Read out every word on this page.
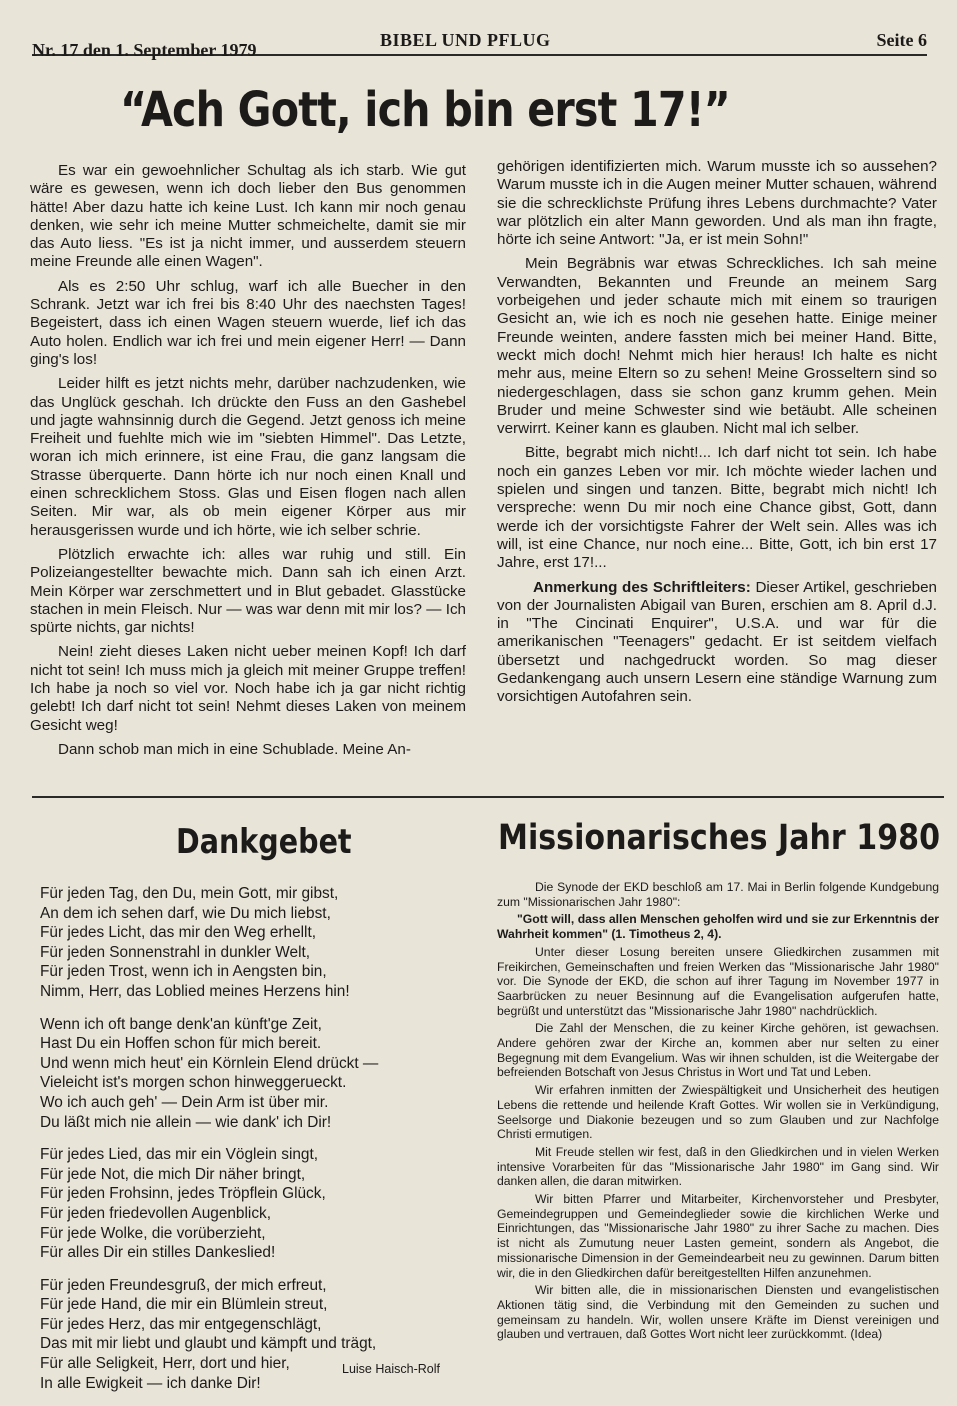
Nr. 17 den 1. September 1979	BIBEL UND PFLUG	Seite 6
“Ach Gott, ich bin erst 17!”

Es war ein gewoehnlicher Schultag als ich starb. Wie gut wäre es gewesen, wenn ich doch lieber den Bus genommen hätte! Aber dazu hatte ich keine Lust. Ich kann mir noch genau denken, wie sehr ich meine Mutter schmeichelte, damit sie mir das Auto liess. "Es ist ja nicht immer, und ausserdem steuern meine Freunde alle einen Wagen".

Als es 2:50 Uhr schlug, warf ich alle Buecher in den Schrank. Jetzt war ich frei bis 8:40 Uhr des naechsten Tages! Begeistert, dass ich einen Wagen steuern wuerde, lief ich das Auto holen. Endlich war ich frei und mein eigener Herr! — Dann ging's los!

Leider hilft es jetzt nichts mehr, darüber nachzudenken, wie das Unglück geschah. Ich drückte den Fuss an den Gashebel und jagte wahnsinnig durch die Gegend. Jetzt genoss ich meine Freiheit und fuehlte mich wie im "siebten Himmel". Das Letzte, woran ich mich erinnere, ist eine Frau, die ganz langsam die Strasse überquerte. Dann hörte ich nur noch einen Knall und einen schrecklichem Stoss. Glas und Eisen flogen nach allen Seiten. Mir war, als ob mein eigener Körper aus mir herausgerissen wurde und ich hörte, wie ich selber schrie.

Plötzlich erwachte ich: alles war ruhig und still. Ein Polizeiangestellter bewachte mich. Dann sah ich einen Arzt. Mein Körper war zerschmettert und in Blut gebadet. Glasstücke stachen in mein Fleisch. Nur — was war denn mit mir los? — Ich spürte nichts, gar nichts!

Nein! zieht dieses Laken nicht ueber meinen Kopf! Ich darf nicht tot sein! Ich muss mich ja gleich mit meiner Gruppe treffen! Ich habe ja noch so viel vor. Noch habe ich ja gar nicht richtig gelebt! Ich darf nicht tot sein! Nehmt dieses Laken von meinem Gesicht weg!

Dann schob man mich in eine Schublade. Meine An-

gehörigen identifizierten mich. Warum musste ich so aussehen? Warum musste ich in die Augen meiner Mutter schauen, während sie die schrecklichste Prüfung ihres Lebens durchmachte? Vater war plötzlich ein alter Mann geworden. Und als man ihn fragte, hörte ich seine Antwort: "Ja, er ist mein Sohn!"

Mein Begräbnis war etwas Schreckliches. Ich sah meine Verwandten, Bekannten und Freunde an meinem Sarg vorbeigehen und jeder schaute mich mit einem so traurigen Gesicht an, wie ich es noch nie gesehen hatte. Einige meiner Freunde weinten, andere fassten mich bei meiner Hand. Bitte, weckt mich doch! Nehmt mich hier heraus! Ich halte es nicht mehr aus, meine Eltern so zu sehen! Meine Grosseltern sind so niedergeschlagen, dass sie schon ganz krumm gehen. Mein Bruder und meine Schwester sind wie betäubt. Alle scheinen verwirrt. Keiner kann es glauben. Nicht mal ich selber.

Bitte, begrabt mich nicht!... Ich darf nicht tot sein. Ich habe noch ein ganzes Leben vor mir. Ich möchte wieder lachen und spielen und singen und tanzen. Bitte, begrabt mich nicht! Ich verspreche: wenn Du mir noch eine Chance gibst, Gott, dann werde ich der vorsichtigste Fahrer der Welt sein. Alles was ich will, ist eine Chance, nur noch eine... Bitte, Gott, ich bin erst 17 Jahre, erst 17!...

Anmerkung des Schriftleiters: Dieser Artikel, geschrieben von der Journalisten Abigail van Buren, erschien am 8. April d.J. in "The Cincinati Enquirer", U.S.A. und war für die amerikanischen "Teenagers" gedacht. Er ist seitdem vielfach übersetzt und nachgedruckt worden. So mag dieser Gedankengang auch unsern Lesern eine ständige Warnung zum vorsichtigen Autofahren sein.

Dankgebet	Missionarisches Jahr 1980
Für jeden Tag, den Du, mein Gott, mir gibst,
An dem ich sehen darf, wie Du mich liebst,
Für jedes Licht, das mir den Weg erhellt,
Für jeden Sonnenstrahl in dunkler Welt,
Für jeden Trost, wenn ich in Aengsten bin,
Nimm, Herr, das Loblied meines Herzens hin!
Wenn ich oft bange denk'an künft'ge Zeit,
Hast Du ein Hoffen schon für mich bereit.
Und wenn mich heut' ein Körnlein Elend drückt —
Vieleicht ist's morgen schon hinweggerueckt.
Wo ich auch geh' — Dein Arm ist über mir.
Du läßt mich nie allein — wie dank' ich Dir!
Für jedes Lied, das mir ein Vöglein singt,
Für jede Not, die mich Dir näher bringt,
Für jeden Frohsinn, jedes Tröpflein Glück,
Für jeden friedevollen Augenblick,
Für jede Wolke, die vorüberzieht,
Für alles Dir ein stilles Dankeslied!
Für jeden Freundesgruß, der mich erfreut,
Für jede Hand, die mir ein Blümlein streut,
Für jedes Herz, das mir entgegenschlägt,
Das mit mir liebt und glaubt und kämpft und trägt,
Für alle Seligkeit, Herr, dort und hier,
In alle Ewigkeit — ich danke Dir!
Luise Haisch-Rolf

Die Synode der EKD beschloß am 17. Mai in Berlin folgende Kundgebung zum "Missionarischen Jahr 1980":

"Gott will, dass allen Menschen geholfen wird und sie zur Erkenntnis der Wahrheit kommen" (1. Timotheus 2, 4).

Unter dieser Losung bereiten unsere Gliedkirchen zusammen mit Freikirchen, Gemeinschaften und freien Werken das "Missionarische Jahr 1980" vor. Die Synode der EKD, die schon auf ihrer Tagung im November 1977 in Saarbrücken zu neuer Besinnung auf die Evangelisation aufgerufen hatte, begrüßt und unterstützt das "Missionarische Jahr 1980" nachdrücklich.

Die Zahl der Menschen, die zu keiner Kirche gehören, ist gewachsen. Andere gehören zwar der Kirche an, kommen aber nur selten zu einer Begegnung mit dem Evangelium. Was wir ihnen schulden, ist die Weitergabe der befreienden Botschaft von Jesus Christus in Wort und Tat und Leben.

Wir erfahren inmitten der Zwiespältigkeit und Unsicherheit des heutigen Lebens die rettende und heilende Kraft Gottes. Wir wollen sie in Verkündigung, Seelsorge und Diakonie bezeugen und so zum Glauben und zur Nachfolge Christi ermutigen.

Mit Freude stellen wir fest, daß in den Gliedkirchen und in vielen Werken intensive Vorarbeiten für das "Missionarische Jahr 1980" im Gang sind. Wir danken allen, die daran mitwirken.

Wir bitten Pfarrer und Mitarbeiter, Kirchenvorsteher und Presbyter, Gemeindegruppen und Gemeindeglieder sowie die kirchlichen Werke und Einrichtungen, das "Missionarische Jahr 1980" zu ihrer Sache zu machen. Dies ist nicht als Zumutung neuer Lasten gemeint, sondern als Angebot, die missionarische Dimension in der Gemeindearbeit neu zu gewinnen. Darum bitten wir, die in den Gliedkirchen dafür bereitgestellten Hilfen anzunehmen.

Wir bitten alle, die in missionarischen Diensten und evangelistischen Aktionen tätig sind, die Verbindung mit den Gemeinden zu suchen und gemeinsam zu handeln. Wir, wollen unsere Kräfte im Dienst vereinigen und glauben und vertrauen, daß Gottes Wort nicht leer zurückkommt. (Idea)
